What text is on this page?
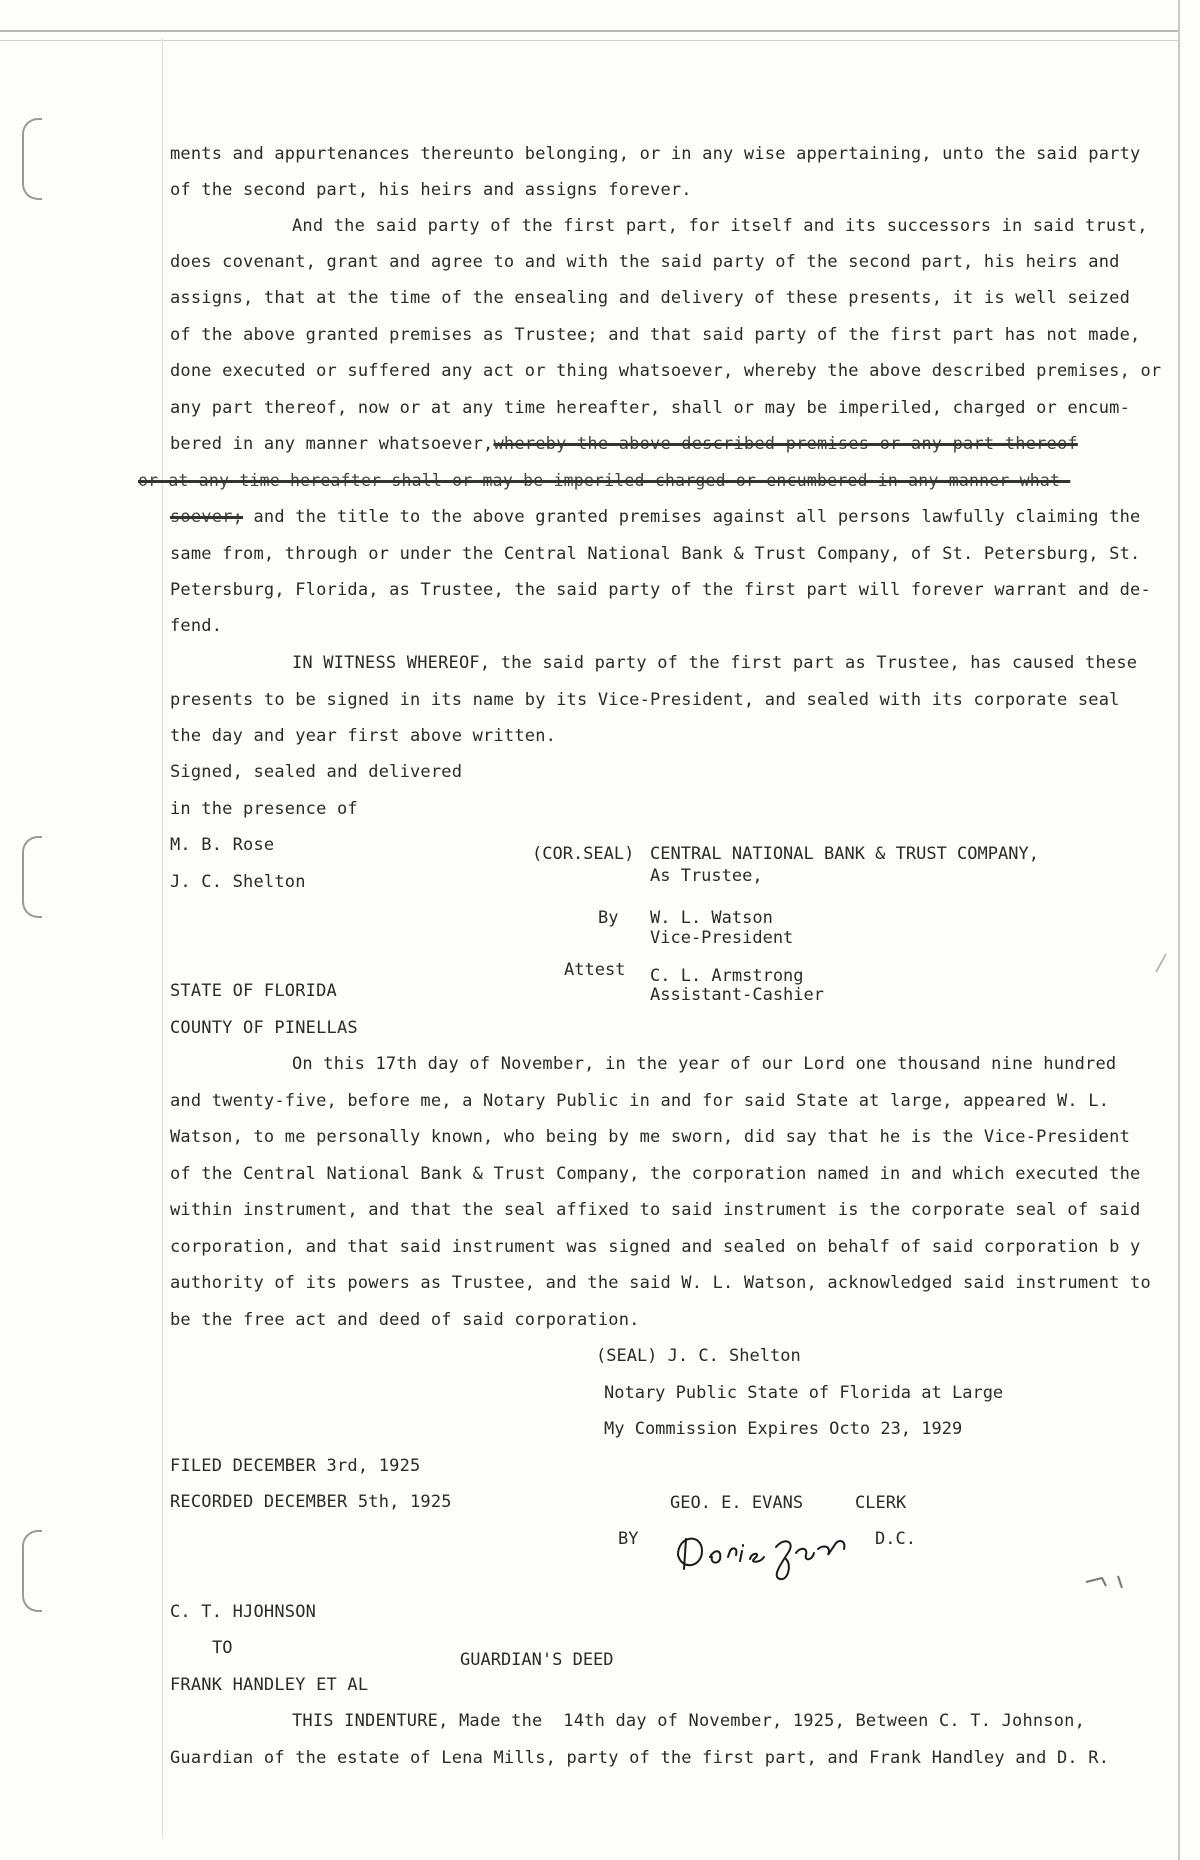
ments and appurtenances thereunto belonging, or in any wise appertaining, unto the said party
of the second part, his heirs and assigns forever.
And the said party of the first part, for itself and its successors in said trust,
does covenant, grant and agree to and with the said party of the second part, his heirs and
assigns, that at the time of the ensealing and delivery of these presents, it is well seized
of the above granted premises as Trustee; and that said party of the first part has not made,
done executed or suffered any act or thing whatsoever, whereby the above described premises, or
any part thereof, now or at any time hereafter, shall or may be imperiled, charged or encum-
bered in any manner whatsoever,whereby the above described premises or any part thereof
or at any time hereafter shall or may be imperiled charged or encumbered in any manner what-
soever; and the title to the above granted premises against all persons lawfully claiming the
same from, through or under the Central National Bank & Trust Company, of St. Petersburg, St.
Petersburg, Florida, as Trustee, the said party of the first part will forever warrant and de-
fend.
IN WITNESS WHEREOF, the said party of the first part as Trustee, has caused these
presents to be signed in its name by its Vice-President, and sealed with its corporate seal
the day and year first above written.
Signed, sealed and delivered
in the presence of
M. B. Rose
J. C. Shelton
(COR.SEAL) CENTRAL NATIONAL BANK & TRUST COMPANY,
As Trustee,
By W. L. Watson
Vice-President
Attest C. L. Armstrong
Assistant-Cashier
STATE OF FLORIDA
COUNTY OF PINELLAS
On this 17th day of November, in the year of our Lord one thousand nine hundred
and twenty-five, before me, a Notary Public in and for said State at large, appeared W. L.
Watson, to me personally known, who being by me sworn, did say that he is the Vice-President
of the Central National Bank & Trust Company, the corporation named in and which executed the
within instrument, and that the seal affixed to said instrument is the corporate seal of said
corporation, and that said instrument was signed and sealed on behalf of said corporation b y
authority of its powers as Trustee, and the said W. L. Watson, acknowledged said instrument to
be the free act and deed of said corporation.
(SEAL) J. C. Shelton
Notary Public State of Florida at Large
My Commission Expires Octo 23, 1929
FILED DECEMBER 3rd, 1925
RECORDED DECEMBER 5th, 1925	GEO. E. EVANS	CLERK
BY	D.C.
C. T. HJOHNSON
TO
GUARDIAN'S DEED
FRANK HANDLEY ET AL
THIS INDENTURE, Made the  14th day of November, 1925, Between C. T. Johnson,
Guardian of the estate of Lena Mills, party of the first part, and Frank Handley and D. R.
